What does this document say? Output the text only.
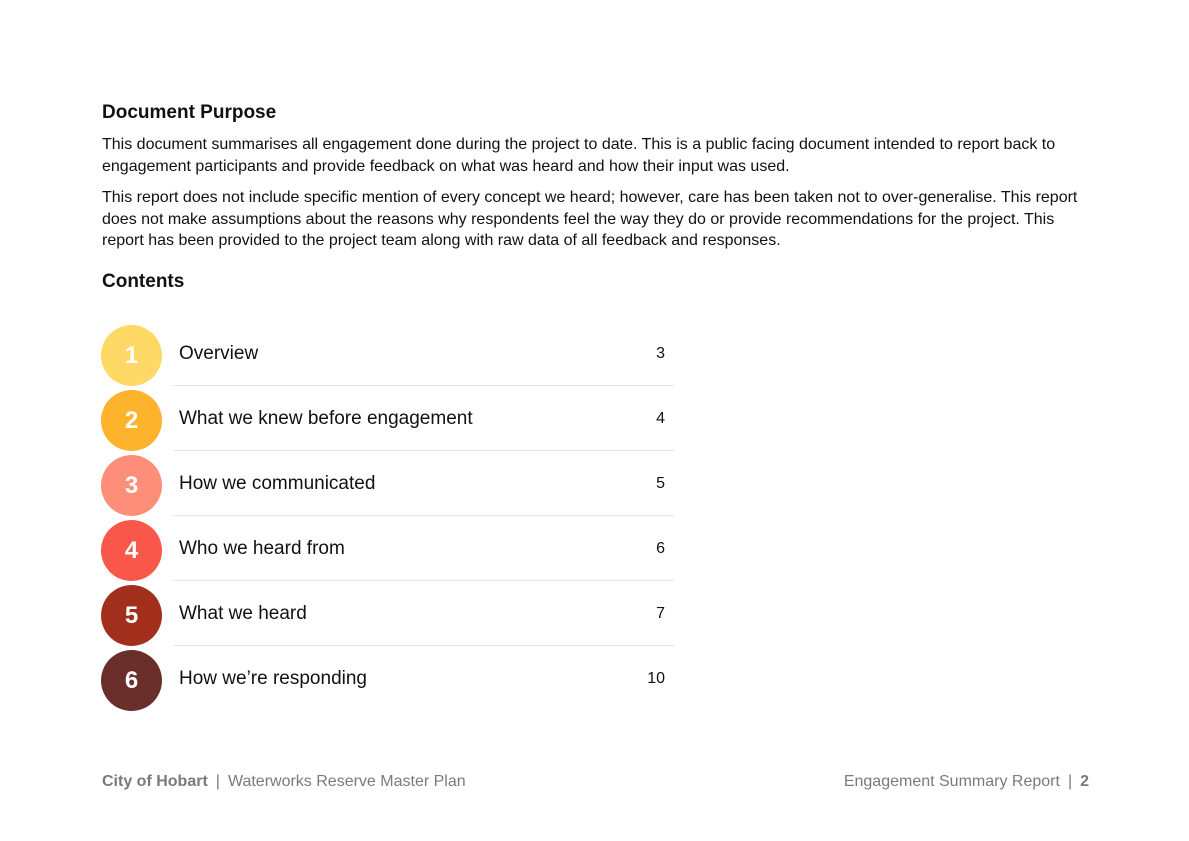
Document Purpose

This document summarises all engagement done during the project to date. This is a public facing document intended to report back to engagement participants and provide feedback on what was heard and how their input was used.

This report does not include specific mention of every concept we heard; however, care has been taken not to over-generalise. This report does not make assumptions about the reasons why respondents feel the way they do or provide recommendations for the project. This report has been provided to the project team along with raw data of all feedback and responses.

Contents
1	Overview	3
2	What we knew before engagement	4
3	How we communicated	5
4	Who we heard from	6
5	What we heard	7
6	How we’re responding	10
City of Hobart | Waterworks Reserve Master Plan	Engagement Summary Report | 2
